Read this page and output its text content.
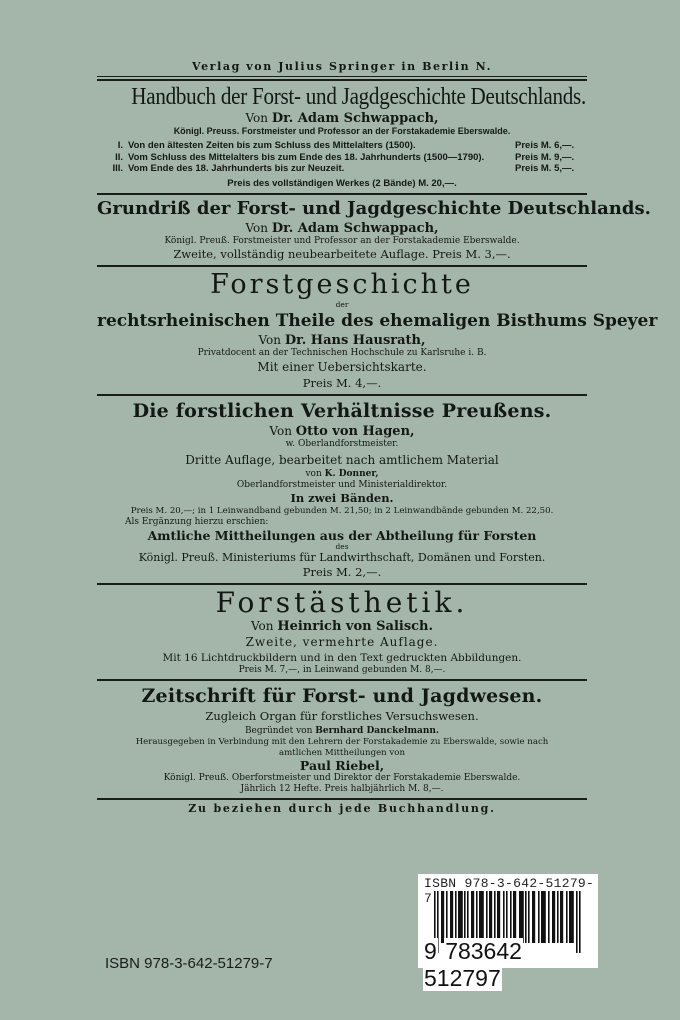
Verlag von Julius Springer in Berlin N.
Handbuch der Forst- und Jagdgeschichte Deutschlands.
Von Dr. Adam Schwappach,
Königl. Preuss. Forstmeister und Professor an der Forstakademie Eberswalde.
I. Von den ältesten Zeiten bis zum Schluss des Mittelalters (1500).	Preis M. 6,—.
II. Vom Schluss des Mittelalters bis zum Ende des 18. Jahrhunderts (1500—1790).	Preis M. 9,—.
III. Vom Ende des 18. Jahrhunderts bis zur Neuzeit.	Preis M. 5,—.
Preis des vollständigen Werkes (2 Bände) M. 20,—.
Grundriß der Forst- und Jagdgeschichte Deutschlands.
Von Dr. Adam Schwappach,
Königl. Preuß. Forstmeister und Professor an der Forstakademie Eberswalde.
Zweite, vollständig neubearbeitete Auflage. Preis M. 3,—.
Forstgeschichte
der
rechtsrheinischen Theile des ehemaligen Bisthums Speyer
Von Dr. Hans Hausrath,
Privatdocent an der Technischen Hochschule zu Karlsruhe i. B.
Mit einer Uebersichtskarte.
Preis M. 4,—.
Die forstlichen Verhältnisse Preußens.
Von Otto von Hagen,
w. Oberlandforstmeister.
Dritte Auflage, bearbeitet nach amtlichem Material
von K. Donner,
Oberlandforstmeister und Ministerialdirektor.
In zwei Bänden.
Preis M. 20,—; in 1 Leinwandband gebunden M. 21,50; in 2 Leinwandbände gebunden M. 22,50.
Als Ergänzung hierzu erschien:
Amtliche Mittheilungen aus der Abtheilung für Forsten
des
Königl. Preuß. Ministeriums für Landwirthschaft, Domänen und Forsten.
Preis M. 2,—.
Forstästhetik.
Von Heinrich von Salisch.
Zweite, vermehrte Auflage.
Mit 16 Lichtdruckbildern und in den Text gedruckten Abbildungen.
Preis M. 7,—, in Leinwand gebunden M. 8,—.
Zeitschrift für Forst- und Jagdwesen.
Zugleich Organ für forstliches Versuchswesen.
Begründet von Bernhard Danckelmann.
Herausgegeben in Verbindung mit den Lehrern der Forstakademie zu Eberswalde, sowie nach
amtlichen Mittheilungen von
Paul Riebel,
Königl. Preuß. Oberforstmeister und Direktor der Forstakademie Eberswalde.
Jährlich 12 Hefte. Preis halbjährlich M. 8,—.
Zu beziehen durch jede Buchhandlung.
ISBN 978-3-642-51279-7
ISBN 978-3-642-51279-7
9 783642 512797
